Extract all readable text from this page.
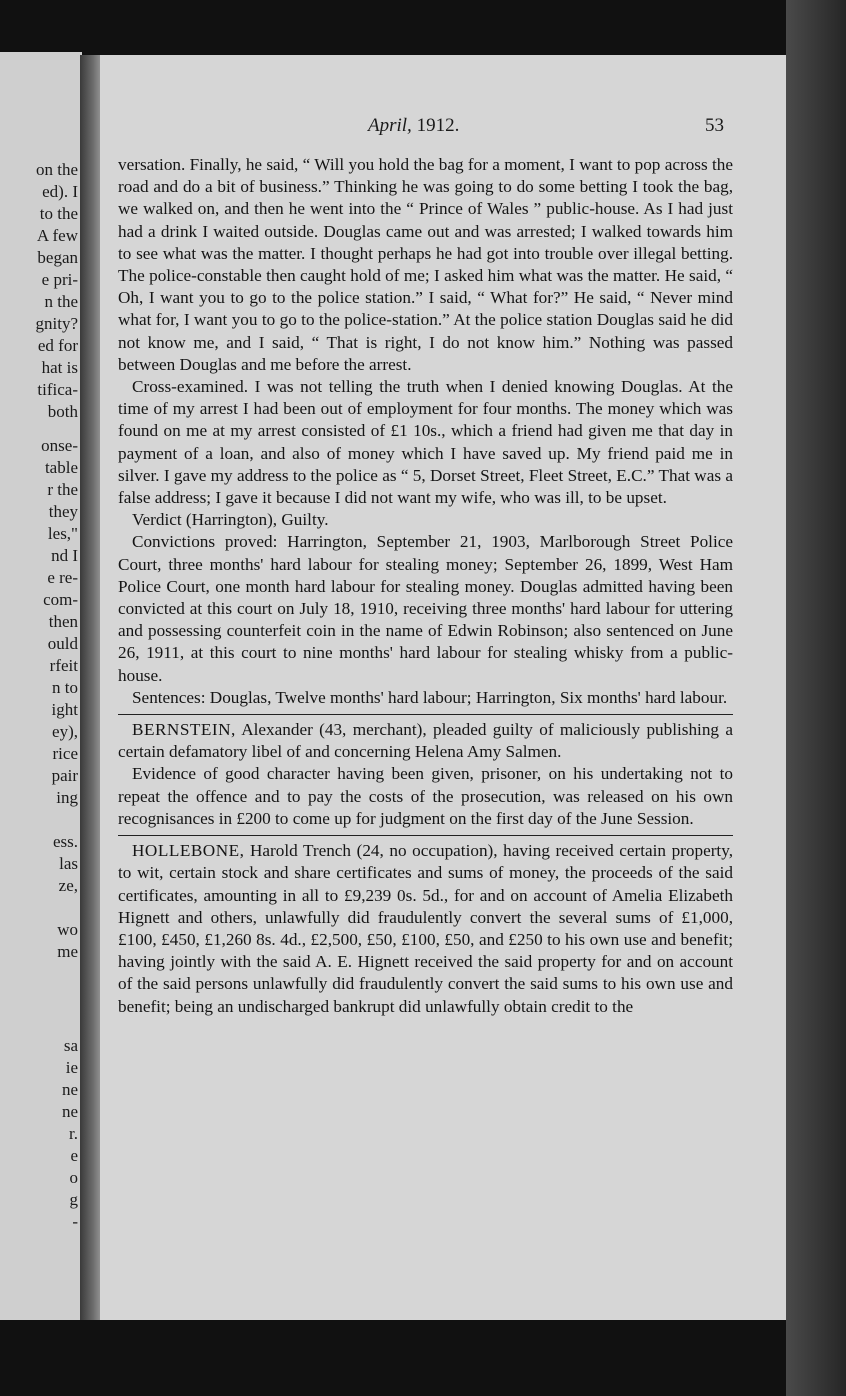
on the
ed). I
to the
A few
began
e pri-
n the
gnity?
ed for
hat is
tifica-
both
onse-
table
r the
they
les,"
nd I
e re-
com-
then
ould
rfeit
n to
ight
ey),
rice
pair
ing
ess.
las
ze,
wo
me
sa
ie
ne
ne
r.
e
o
g
-
April, 1912.	53

versation. Finally, he said, “ Will you hold the bag for a moment, I want to pop across the road and do a bit of business.” Thinking he was going to do some betting I took the bag, we walked on, and then he went into the “ Prince of Wales ” public-house. As I had just had a drink I waited outside. Douglas came out and was arrested; I walked towards him to see what was the matter. I thought perhaps he had got into trouble over illegal betting. The police-constable then caught hold of me; I asked him what was the matter. He said, “ Oh, I want you to go to the police station.” I said, “ What for?” He said, “ Never mind what for, I want you to go to the police-station.” At the police station Douglas said he did not know me, and I said, “ That is right, I do not know him.” Nothing was passed between Douglas and me before the arrest.

Cross-examined. I was not telling the truth when I denied knowing Douglas. At the time of my arrest I had been out of employment for four months. The money which was found on me at my arrest consisted of £1 10s., which a friend had given me that day in payment of a loan, and also of money which I have saved up. My friend paid me in silver. I gave my address to the police as “ 5, Dorset Street, Fleet Street, E.C.” That was a false address; I gave it because I did not want my wife, who was ill, to be upset.

Verdict (Harrington), Guilty.

Convictions proved: Harrington, September 21, 1903, Marlborough Street Police Court, three months' hard labour for stealing money; September 26, 1899, West Ham Police Court, one month hard labour for stealing money. Douglas admitted having been convicted at this court on July 18, 1910, receiving three months' hard labour for uttering and possessing counterfeit coin in the name of Edwin Robinson; also sentenced on June 26, 1911, at this court to nine months' hard labour for stealing whisky from a public-house.

Sentences: Douglas, Twelve months' hard labour; Harrington, Six months' hard labour.

BERNSTEIN, Alexander (43, merchant), pleaded guilty of maliciously publishing a certain defamatory libel of and concerning Helena Amy Salmen.

Evidence of good character having been given, prisoner, on his undertaking not to repeat the offence and to pay the costs of the prosecution, was released on his own recognisances in £200 to come up for judgment on the first day of the June Session.

HOLLEBONE, Harold Trench (24, no occupation), having received certain property, to wit, certain stock and share certificates and sums of money, the proceeds of the said certificates, amounting in all to £9,239 0s. 5d., for and on account of Amelia Elizabeth Hignett and others, unlawfully did fraudulently convert the several sums of £1,000, £100, £450, £1,260 8s. 4d., £2,500, £50, £100, £50, and £250 to his own use and benefit; having jointly with the said A. E. Hignett received the said property for and on account of the said persons unlawfully did fraudulently convert the said sums to his own use and benefit; being an undischarged bankrupt did unlawfully obtain credit to the
